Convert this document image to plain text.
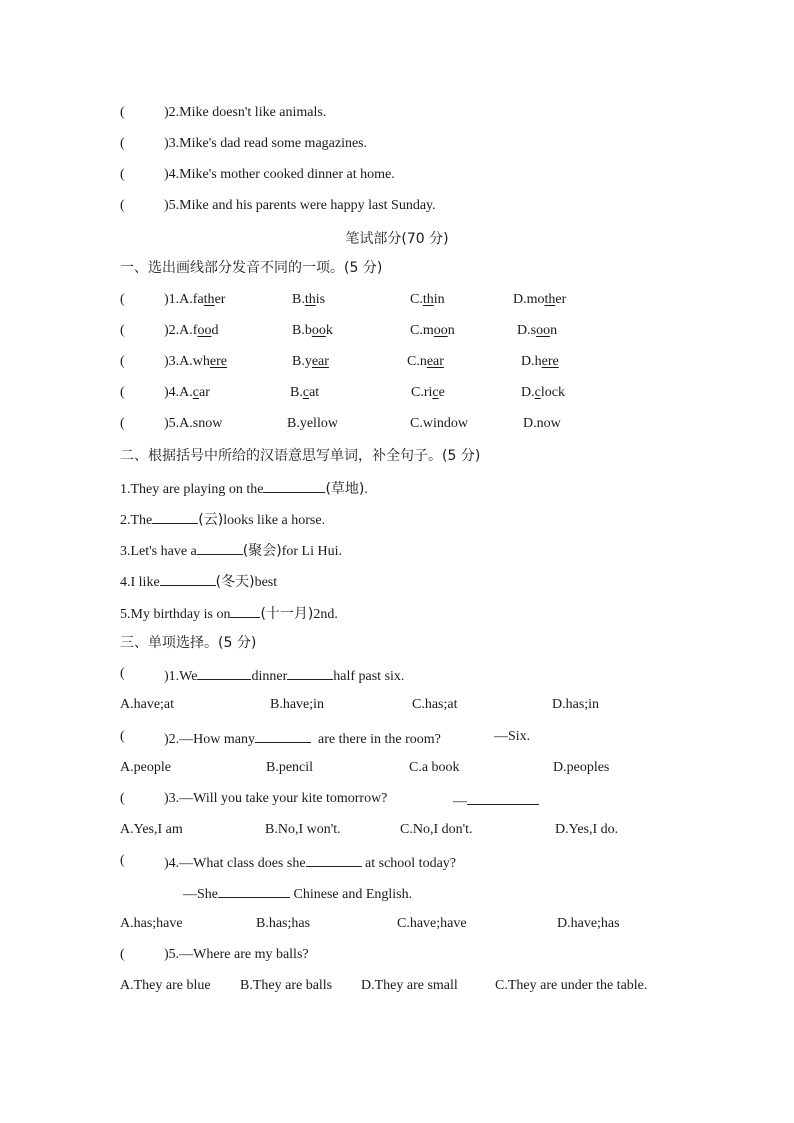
(	)2.Mike doesn't like animals.
(	)3.Mike's dad read some magazines.
(	)4.Mike's mother cooked dinner at home.
(	)5.Mike and his parents were happy last Sunday.
笔试部分(70 分)
一、选出画线部分发音不同的一项。(5 分)
(	)1.A.father	B.this	C.thin	D.mother
(	)2.A.food	B.book	C.moon	D.soon
(	)3.A.where	B.year	C.near	D.here
(	)4.A.car	B.cat	C.rice	D.clock
(	)5.A.snow	B.yellow	C.window	D.now
二、根据括号中所给的汉语意思写单词，补全句子。(5 分)
1.They are playing on the	(草地).
2.The	(云)looks like a horse.
3.Let's have a	(聚会)for Li Hui.
4.I like	(冬天)best
5.My birthday is on (十一月)2nd.
三、单项选择。(5 分)
(	)1.We	dinner	half past six.
A.have;at	B.have;in	C.has;at	D.has;in
(	)2.—How many	are there in the room?	—Six.
A.people	B.pencil	C.a book	D.peoples
(	)3.—Will you take your kite tomorrow?	—
A.Yes,I am	B.No,I won't.	C.No,I don't.	D.Yes,I do.
(	)4.—What class does she	at school today?
—She	Chinese and English.
A.has;have	B.has;has	C.have;have	D.have;has
(	)5.—Where are my balls?
A.They are blue B.They are balls D.They are small	C.They are under the table.
